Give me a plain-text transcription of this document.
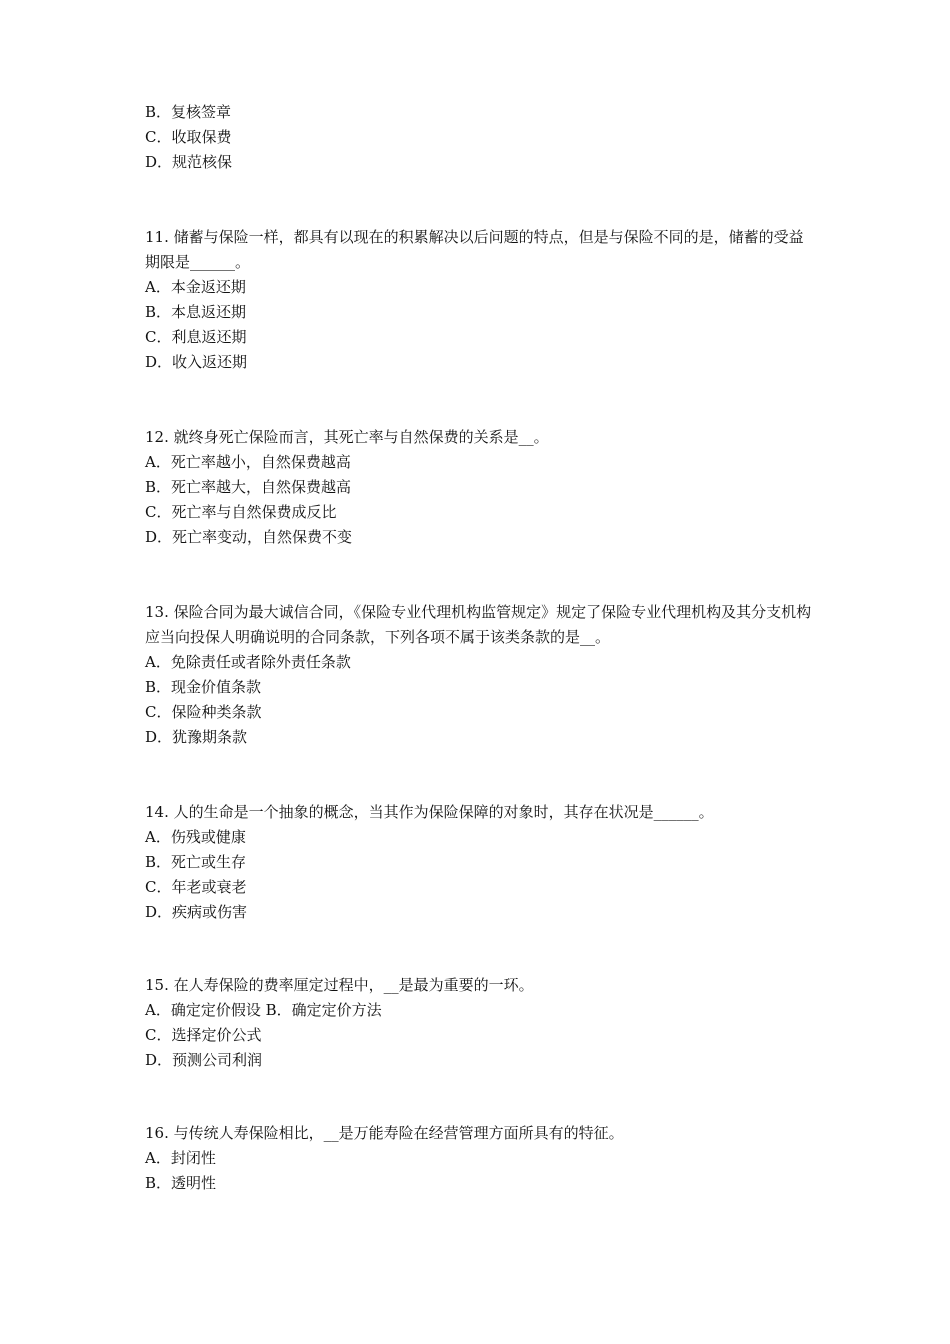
B．复核签章
C．收取保费
D．规范核保
11. 储蓄与保险一样，都具有以现在的积累解决以后问题的特点，但是与保险不同的是，储蓄的受益期限是______。
A．本金返还期
B．本息返还期
C．利息返还期
D．收入返还期
12. 就终身死亡保险而言，其死亡率与自然保费的关系是__。
A．死亡率越小，自然保费越高
B．死亡率越大，自然保费越高
C．死亡率与自然保费成反比
D．死亡率变动，自然保费不变
13. 保险合同为最大诚信合同，《保险专业代理机构监管规定》规定了保险专业代理机构及其分支机构应当向投保人明确说明的合同条款，下列各项不属于该类条款的是__。
A．免除责任或者除外责任条款
B．现金价值条款
C．保险种类条款
D．犹豫期条款
14. 人的生命是一个抽象的概念，当其作为保险保障的对象时，其存在状况是______。
A．伤残或健康
B．死亡或生存
C．年老或衰老
D．疾病或伤害
15. 在人寿保险的费率厘定过程中，__是最为重要的一环。
A．确定定价假设 B．确定定价方法
C．选择定价公式
D．预测公司利润
16. 与传统人寿保险相比，__是万能寿险在经营管理方面所具有的特征。
A．封闭性
B．透明性
